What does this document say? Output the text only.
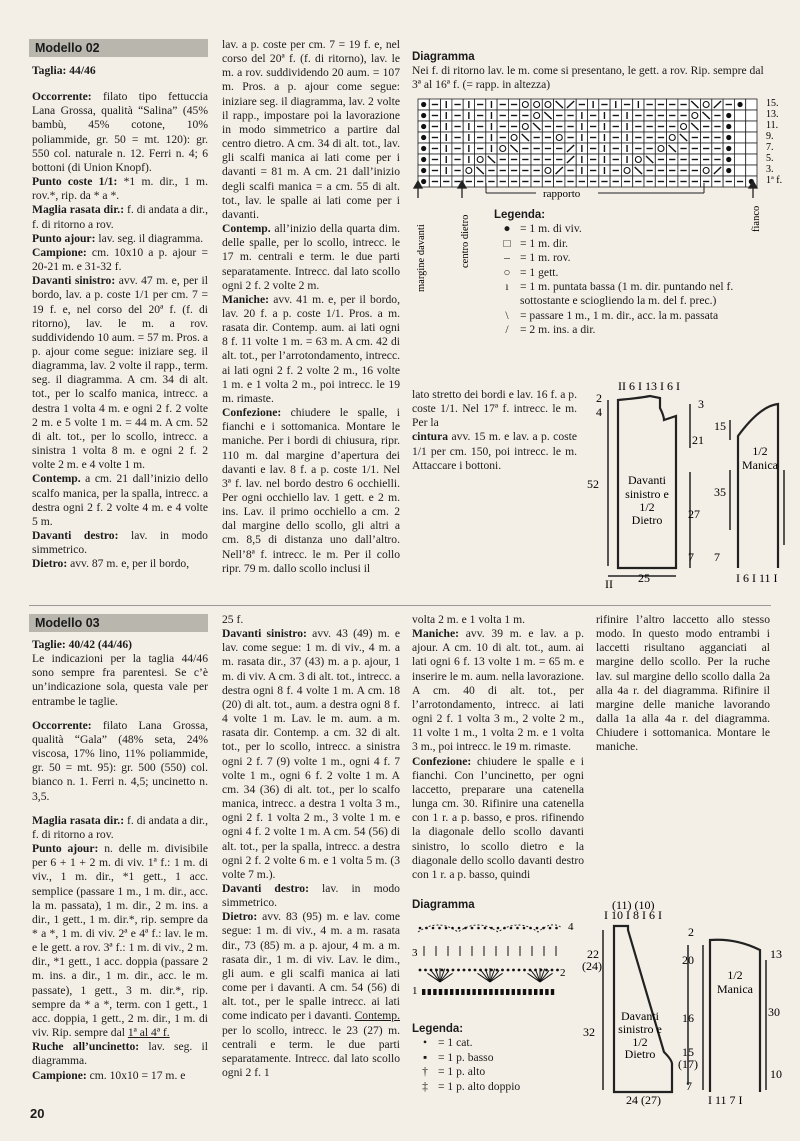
Modello 02

Taglia: 44/46

Occorrente: filato tipo fettuccia Lana Grossa, qualità “Salina” (45% bambù, 45% cotone, 10% poliammide, gr. 50 = mt. 120): gr. 550 col. naturale n. 12. Ferri n. 4; 6 bottoni (di Union Knopf).

Punto coste 1/1: *1 m. dir., 1 m. rov.*, rip. da * a *.

Maglia rasata dir.: f. di andata a dir., f. di ritorno a rov.

Punto ajour: lav. seg. il diagramma.

Campione: cm. 10x10 a p. ajour = 20-21 m. e 31-32 f.

Davanti sinistro: avv. 47 m. e, per il bordo, lav. a p. coste 1/1 per cm. 7 = 19 f. e, nel corso del 20ª f. (f. di ritorno), lav. le m. a rov. suddividendo 10 aum. = 57 m. Pros. a p. ajour come segue: iniziare seg. il diagramma, lav. 2 volte il rapp., term. seg. il diagramma. A cm. 34 di alt. tot., per lo scalfo manica, intrecc. a destra 1 volta 4 m. e ogni 2 f. 2 volte 2 m. e 5 volte 1 m. = 44 m. A cm. 52 di alt. tot., per lo scollo, intrecc. a sinistra 1 volta 8 m. e ogni 2 f. 2 volte 2 m. e 4 volte 1 m.

Contemp. a cm. 21 dall’inizio dello scalfo manica, per la spalla, intrecc. a destra ogni 2 f. 2 volte 4 m. e 4 volte 5 m.

Davanti destro: lav. in modo simmetrico.

Dietro: avv. 87 m. e, per il bordo,

lav. a p. coste per cm. 7 = 19 f. e, nel corso del 20ª f. (f. di ritorno), lav. le m. a rov. suddividendo 20 aum. = 107 m. Pros. a p. ajour come segue: iniziare seg. il diagramma, lav. 2 volte il rapp., impostare poi la lavorazione in modo simmetrico a partire dal centro dietro. A cm. 34 di alt. tot., lav. gli scalfi manica ai lati come per i davanti = 81 m. A cm. 21 dall’inizio degli scalfi manica = a cm. 55 di alt. tot., lav. le spalle ai lati come per i davanti.

Contemp. all’inizio della quarta dim. delle spalle, per lo scollo, intrecc. le 17 m. centrali e term. le due parti separatamente. Intrecc. dal lato scollo ogni 2 f. 2 volte 2 m.

Maniche: avv. 41 m. e, per il bordo, lav. 20 f. a p. coste 1/1. Pros. a m. rasata dir. Contemp. aum. ai lati ogni 8 f. 11 volte 1 m. = 63 m. A cm. 42 di alt. tot., per l’arrotondamento, intrecc. ai lati ogni 2 f. 2 volte 2 m., 16 volte 1 m. e 1 volta 2 m., poi intrecc. le 19 m. rimaste.

Confezione: chiudere le spalle, i fianchi e i sottomanica. Montare le maniche. Per i bordi di chiusura, ripr. 110 m. dal margine d’apertura dei davanti e lav. 8 f. a p. coste 1/1. Nel 3ª f. lav. nel bordo destro 6 occhielli. Per ogni occhiello lav. 1 gett. e 2 m. ins. Lav. il primo occhiello a cm. 2 dal margine dello scollo, gli altri a cm. 8,5 di distanza uno dall’altro. Nell’8ª f. intrecc. le m. Per il collo ripr. 79 m. dallo scollo inclusi il

Diagramma
Nei f. di ritorno lav. le m. come si presentano, le gett. a rov. Rip. sempre dal 3ª al 16ª f. (= rapp. in altezza)
15.
13.
11.
9.
7.
5.
3.
1ª f.
rapporto
margine davanti	centro dietro	fianco
Legenda:
● = 1 m. di viv.
□ = 1 m. dir.
– = 1 m. rov.
○ = 1 gett.
ı = 1 m. puntata bassa (1 m. dir. puntando nel f. sottostante e sciogliendo la m. del f. prec.)
\ = passare 1 m., 1 m. dir., acc. la m. passata
/ = 2 m. ins. a dir.

lato stretto dei bordi e lav. 16 f. a p. coste 1/1. Nel 17ª f. intrecc. le m. Per la

cintura avv. 15 m. e lav. a p. coste 1/1 per cm. 150, poi intrecc. le m. Attaccare i bottoni.

II 6 I 13 I 6 I
2
4
3
21
52
27
7
25
II
15
35
7
I 6 I 11 I
Davanti
sinistro e
1/2
Dietro
1/2
Manica
Modello 03

Taglie: 40/42 (44/46)

Le indicazioni per la taglia 44/46 sono sempre fra parentesi. Se c’è un’indicazione sola, questa vale per entrambe le taglie.

Occorrente: filato Lana Grossa, qualità “Gala” (48% seta, 24% viscosa, 17% lino, 11% poliammide, gr. 50 = mt. 95): gr. 500 (550) col. bianco n. 1. Ferri n. 4,5; uncinetto n. 3,5.

Maglia rasata dir.: f. di andata a dir., f. di ritorno a rov.

Punto ajour: n. delle m. divisibile per 6 + 1 + 2 m. di viv. 1ª f.: 1 m. di viv., 1 m. dir., *1 gett., 1 acc. semplice (passare 1 m., 1 m. dir., acc. la m. passata), 1 m. dir., 2 m. ins. a dir., 1 gett., 1 m. dir.*, rip. sempre da * a *, 1 m. di viv. 2ª e 4ª f.: lav. le m. e le gett. a rov. 3ª f.: 1 m. di viv., 2 m. dir., *1 gett., 1 acc. doppia (passare 2 m. ins. a dir., 1 m. dir., acc. le m. passate), 1 gett., 3 m. dir.*, rip. sempre da * a *, term. con 1 gett., 1 acc. doppia, 1 gett., 2 m. dir., 1 m. di viv. Rip. sempre dal 1ª al 4ª f.

Ruche all’uncinetto: lav. seg. il diagramma.

Campione: cm. 10x10 = 17 m. e

25 f.

Davanti sinistro: avv. 43 (49) m. e lav. come segue: 1 m. di viv., 4 m. a m. rasata dir., 37 (43) m. a p. ajour, 1 m. di viv. A cm. 3 di alt. tot., intrecc. a destra ogni 8 f. 4 volte 1 m. A cm. 18 (20) di alt. tot., aum. a destra ogni 8 f. 4 volte 1 m. Lav. le m. aum. a m. rasata dir. Contemp. a cm. 32 di alt. tot., per lo scollo, intrecc. a sinistra ogni 2 f. 7 (9) volte 1 m., ogni 4 f. 7 volte 1 m., ogni 6 f. 2 volte 1 m. A cm. 34 (36) di alt. tot., per lo scalfo manica, intrecc. a destra 1 volta 3 m., ogni 2 f. 1 volta 2 m., 3 volte 1 m. e ogni 4 f. 2 volte 1 m. A cm. 54 (56) di alt. tot., per la spalla, intrecc. a destra ogni 2 f. 2 volte 6 m. e 1 volta 5 m. (3 volte 7 m.).

Davanti destro: lav. in modo simmetrico.

Dietro: avv. 83 (95) m. e lav. come segue: 1 m. di viv., 4 m. a m. rasata dir., 73 (85) m. a p. ajour, 4 m. a m. rasata dir., 1 m. di viv. Lav. le dim., gli aum. e gli scalfi manica ai lati come per i davanti. A cm. 54 (56) di alt. tot., per le spalle intrecc. ai lati come indicato per i davanti. Contemp. per lo scollo, intrecc. le 23 (27) m. centrali e term. le due parti separatamente. Intrecc. dal lato scollo ogni 2 f. 1

volta 2 m. e 1 volta 1 m.

Maniche: avv. 39 m. e lav. a p. ajour. A cm. 10 di alt. tot., aum. ai lati ogni 6 f. 13 volte 1 m. = 65 m. e inserire le m. aum. nella lavorazione. A cm. 40 di alt. tot., per l’arrotondamento, intrecc. ai lati ogni 2 f. 1 volta 3 m., 2 volte 2 m., 11 volte 1 m., 1 volta 2 m. e 1 volta 3 m., poi intrecc. le 19 m. rimaste.

Confezione: chiudere le spalle e i fianchi. Con l’uncinetto, per ogni laccetto, preparare una catenella lunga cm. 30. Rifinire una catenella con 1 r. a p. basso, e pros. rifinendo la diagonale dello scollo davanti sinistro, lo scollo dietro e la diagonale dello scollo davanti destro con 1 r. a p. basso, quindi

rifinire l’altro laccetto allo stesso modo. In questo modo entrambi i laccetti risultano agganciati al margine dello scollo. Per la ruche lav. sul margine dello scollo dalla 2a alla 4a r. del diagramma. Rifinire il margine delle maniche lavorando dalla 1a alla 4a r. del diagramma. Chiudere i sottomanica. Montare le maniche.

Diagramma
4
3
2
1
Legenda:
• = 1 cat.
▪ = 1 p. basso
† = 1 p. alto
‡ = 1 p. alto doppio
(11) (10)
I 10 I 8 I 6 I
2
22
(24)	20
16
32
15
(17)
7
24 (27)
13
30
10
I 11 7 I
Davanti
sinistro e
1/2
Dietro
1/2
Manica
20
